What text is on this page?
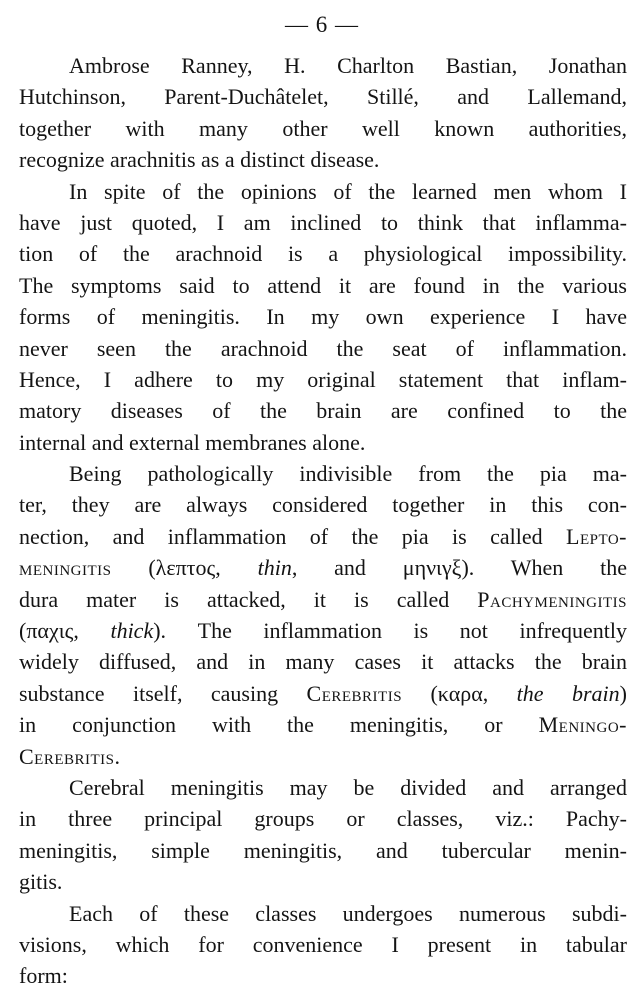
— 6 —
Ambrose Ranney, H. Charlton Bastian, Jonathan
Hutchinson, Parent-Duchâtelet, Stillé, and Lallemand,
together with many other well known authorities,
recognize arachnitis as a distinct disease.
In spite of the opinions of the learned men whom I
have just quoted, I am inclined to think that inflamma-
tion of the arachnoid is a physiological impossibility.
The symptoms said to attend it are found in the various
forms of meningitis. In my own experience I have
never seen the arachnoid the seat of inflammation.
Hence, I adhere to my original statement that inflam-
matory diseases of the brain are confined to the
internal and external membranes alone.
Being pathologically indivisible from the pia ma-
ter, they are always considered together in this con-
nection, and inflammation of the pia is called Lepto-
meningitis (λεπτος, thin, and μηνιγξ). When the
dura mater is attacked, it is called Pachymeningitis
(παχις, thick). The inflammation is not infrequently
widely diffused, and in many cases it attacks the brain
substance itself, causing Cerebritis (καρα, the brain)
in conjunction with the meningitis, or Meningo-
Cerebritis.
Cerebral meningitis may be divided and arranged
in three principal groups or classes, viz.: Pachy-
meningitis, simple meningitis, and tubercular menin-
gitis.
Each of these classes undergoes numerous subdi-
visions, which for convenience I present in tabular
form:
